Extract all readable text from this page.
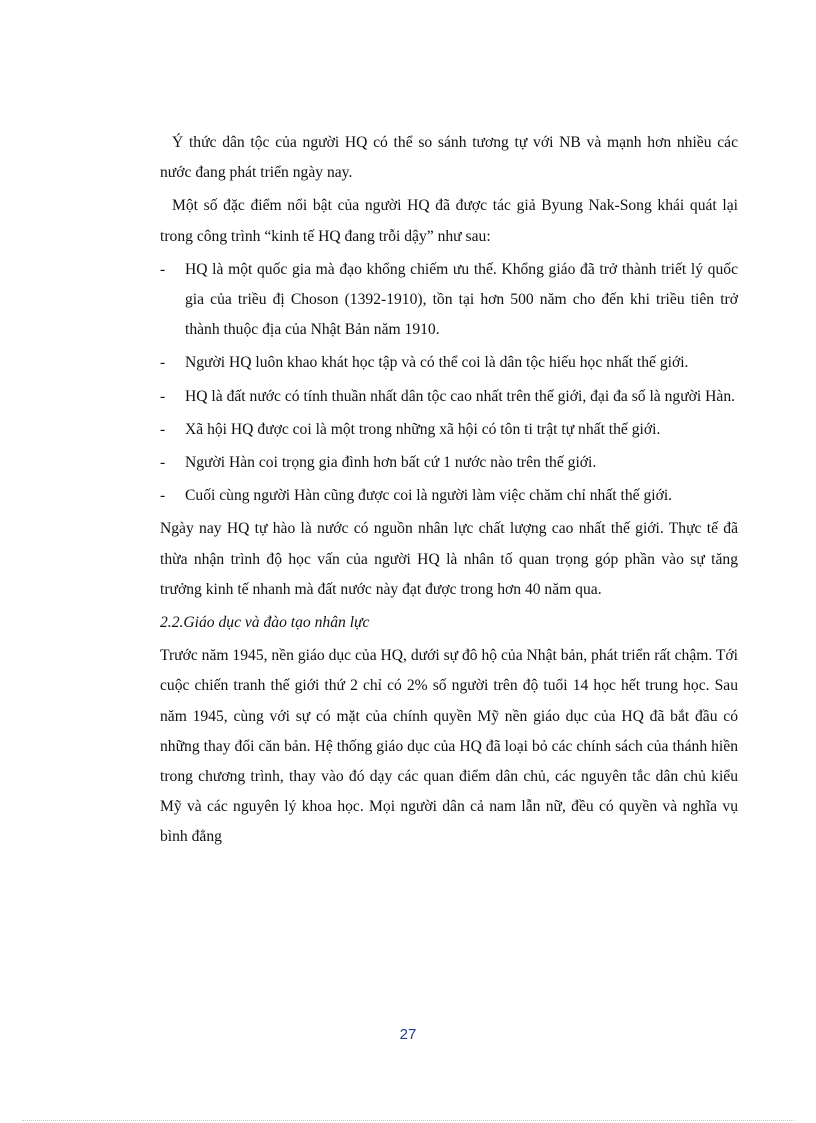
Ý thức dân tộc của người HQ có thể so sánh tương tự với NB và mạnh hơn nhiều các nước đang phát triển ngày nay.

Một số đặc điểm nổi bật của người HQ đã được tác giả Byung Nak-Song khái quát lại trong công trình “kinh tế HQ đang trỗi dậy” như sau:

- HQ là một quốc gia mà đạo khổng chiếm ưu thế. Khổng giáo đã trở thành triết lý quốc gia của triều đị Choson (1392-1910), tồn tại hơn 500 năm cho đến khi triều tiên trở thành thuộc địa của Nhật Bản năm 1910.
- Người HQ luôn khao khát học tập và có thể coi là dân tộc hiếu học nhất thế giới.
- HQ là đất nước có tính thuần nhất dân tộc cao nhất trên thế giới, đại đa số là người Hàn.
- Xã hội HQ được coi là một trong những xã hội có tôn ti trật tự nhất thế giới.
- Người Hàn coi trọng gia đình hơn bất cứ 1 nước nào trên thế giới.
- Cuối cùng người Hàn cũng được coi là người làm việc chăm chỉ nhất thế giới.

Ngày nay HQ tự hào là nước có nguồn nhân lực chất lượng cao nhất thế giới. Thực tế đã thừa nhận trình độ học vấn của người HQ là nhân tố quan trọng góp phần vào sự tăng trưởng kinh tế nhanh mà đất nước này đạt được trong hơn 40 năm qua.

2.2.Giáo dục và đào tạo nhân lực

Trước năm 1945, nền giáo dục của HQ, dưới sự đô hộ của Nhật bản, phát triển rất chậm. Tới cuộc chiến tranh thế giới thứ 2 chỉ có 2% số người trên độ tuổi 14 học hết trung học. Sau năm 1945, cùng với sự có mặt của chính quyền Mỹ nền giáo dục của HQ đã bắt đầu có những thay đổi căn bản. Hệ thống giáo dục của HQ đã loại bỏ các chính sách của thánh hiền trong chương trình, thay vào đó dạy các quan điểm dân chủ, các nguyên tắc dân chủ kiểu Mỹ và các nguyên lý khoa học. Mọi người dân cả nam lẫn nữ, đều có quyền và nghĩa vụ bình đẳng

27
